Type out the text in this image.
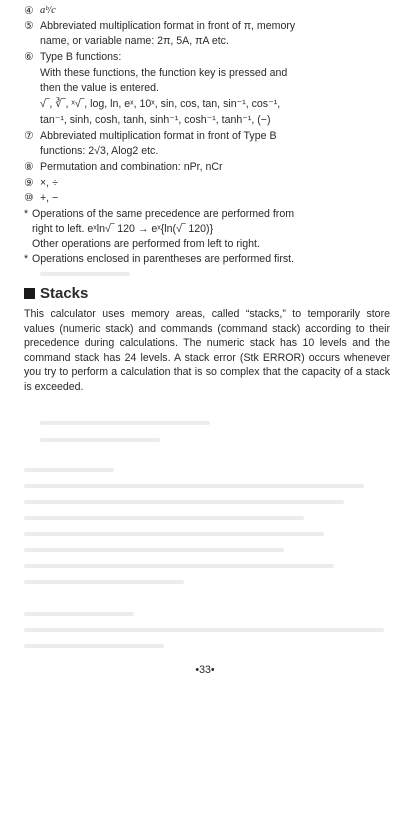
④ aᵇ/c
⑤ Abbreviated multiplication format in front of π, memory
name, or variable name: 2π, 5A, πA etc.
⑥ Type B functions:
With these functions, the function key is pressed and
then the value is entered.
√‾, ∛‾, ˣ√‾, log, ln, eˣ, 10ˣ, sin, cos, tan, sin⁻¹, cos⁻¹,
tan⁻¹, sinh, cosh, tanh, sinh⁻¹, cosh⁻¹, tanh⁻¹, (−)
⑦ Abbreviated multiplication format in front of Type B
functions: 2√3, Alog2 etc.
⑧ Permutation and combination: nPr, nCr
⑨ ×, ÷
⑩ +, −
* Operations of the same precedence are performed from
right to left. eˣln√‾ 120 → eˣ{ln(√‾ 120)}
Other operations are performed from left to right.
* Operations enclosed in parentheses are performed first.
Stacks
This calculator uses memory areas, called “stacks,” to temporarily store values (numeric stack) and commands (command stack) according to their precedence during calculations. The numeric stack has 10 levels and the command stack has 24 levels. A stack error (Stk ERROR) occurs whenever you try to perform a calculation that is so complex that the capacity of a stack is exceeded.
•33•
